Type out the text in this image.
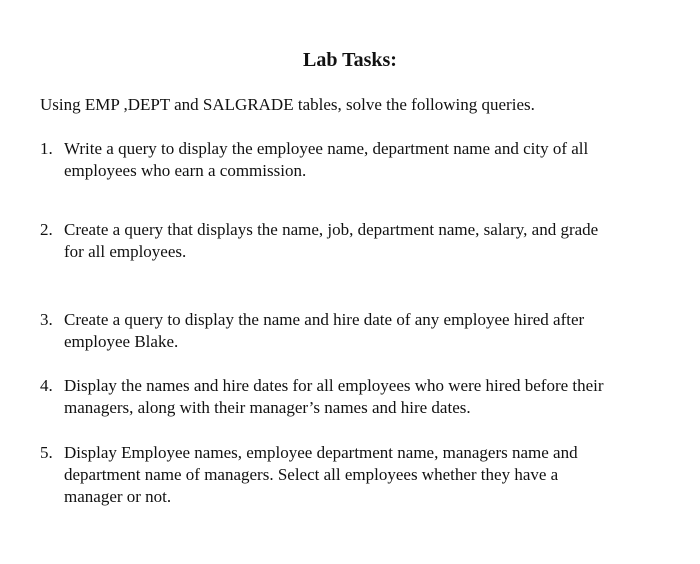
Lab Tasks:

Using EMP ,DEPT and SALGRADE tables, solve the following queries.

1. Write a query to display the employee name, department name and city of all
employees who earn a commission.
2. Create a query that displays the name, job, department name, salary, and grade
for all employees.
3. Create a query to display the name and hire date of any employee hired after
employee Blake.
4. Display the names and hire dates for all employees who were hired before their
managers, along with their manager’s names and hire dates.
5. Display Employee names, employee department name, managers name and
department name of managers. Select all employees whether they have a
manager or not.
